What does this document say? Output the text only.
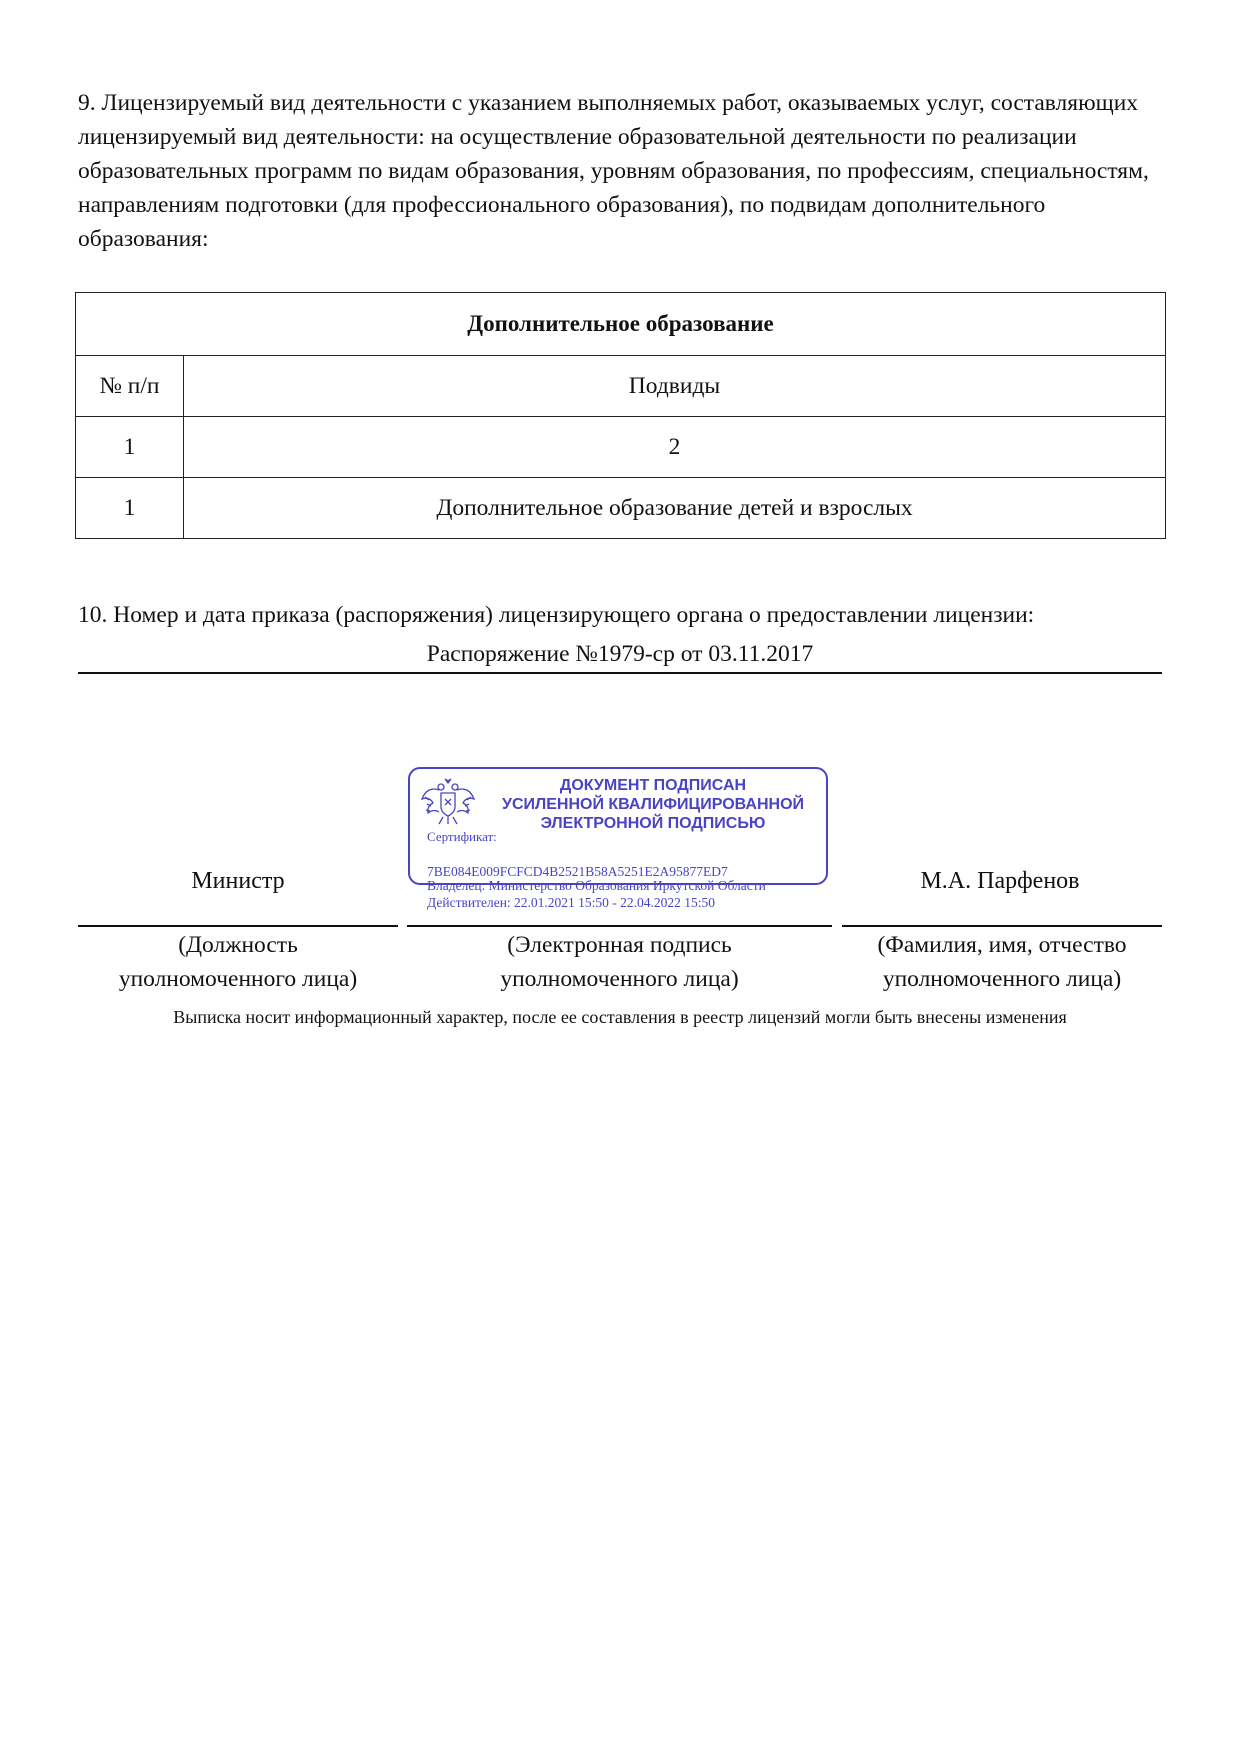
9. Лицензируемый вид деятельности с указанием выполняемых работ, оказываемых услуг, составляющих лицензируемый вид деятельности: на осуществление образовательной деятельности по реализации образовательных программ по видам образования, уровням образования, по профессиям, специальностям, направлениям подготовки (для профессионального образования), по подвидам дополнительного образования:

Дополнительное образование	
№ п/п	Подвиды
1	2
1	Дополнительное образование детей и взрослых

10. Номер и дата приказа (распоряжения) лицензирующего органа о предоставлении лицензии:

Распоряжение №1979-ср от 03.11.2017
ДОКУМЕНТ ПОДПИСАН
УСИЛЕННОЙ КВАЛИФИЦИРОВАННОЙ
ЭЛЕКТРОННОЙ ПОДПИСЬЮ
Сертификат:
7BE084E009FCFCD4B2521B58A5251E2A95877ED7
Владелец: Министерство Образования Иркутской Области
Действителен: 22.01.2021 15:50 - 22.04.2022 15:50
Министр	М.А. Парфенов
(Должность
уполномоченного лица)
(Электронная подпись
уполномоченного лица)
(Фамилия, имя, отчество
уполномоченного лица)

Выписка носит информационный характер, после ее составления в реестр лицензий могли быть внесены изменения
